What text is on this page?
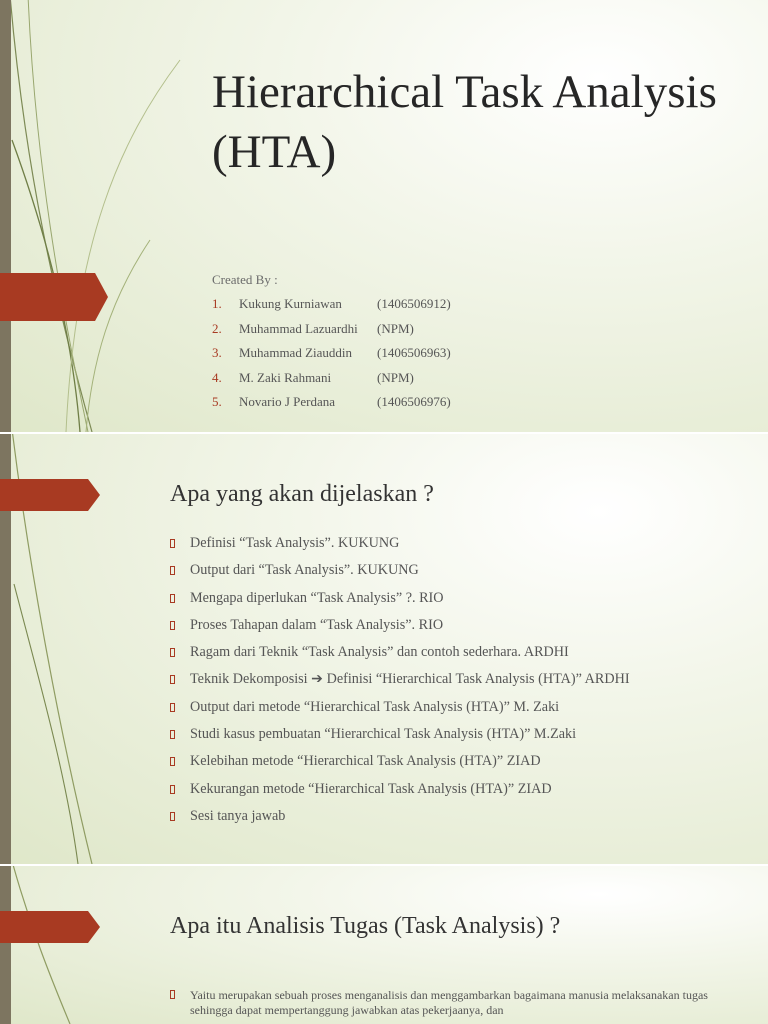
Hierarchical Task Analysis (HTA)
Created By :
1. Kukung Kurniawan	(1406506912)
2. Muhammad Lazuardhi (NPM)
3. Muhammad Ziauddin (1406506963)
4. M. Zaki Rahmani	(NPM)
5. Novario J Perdana	(1406506976)
Apa yang akan dijelaskan ?
Definisi “Task Analysis”. KUKUNG
Output dari “Task Analysis”. KUKUNG
Mengapa diperlukan “Task Analysis” ?. RIO
Proses Tahapan dalam “Task Analysis”. RIO
Ragam dari Teknik “Task Analysis” dan contoh sederhara. ARDHI
Teknik Dekomposisi ➔ Definisi “Hierarchical Task Analysis (HTA)” ARDHI
Output dari metode “Hierarchical Task Analysis (HTA)” M. Zaki
Studi kasus pembuatan “Hierarchical Task Analysis (HTA)” M.Zaki
Kelebihan metode “Hierarchical Task Analysis (HTA)” ZIAD
Kekurangan metode “Hierarchical Task Analysis (HTA)” ZIAD
Sesi tanya jawab
Apa itu Analisis Tugas (Task Analysis) ?

Yaitu merupakan sebuah proses menganalisis dan menggambarkan bagaimana manusia melaksanakan tugas sehingga dapat mempertanggung jawabkan atas pekerjaanya, dan
